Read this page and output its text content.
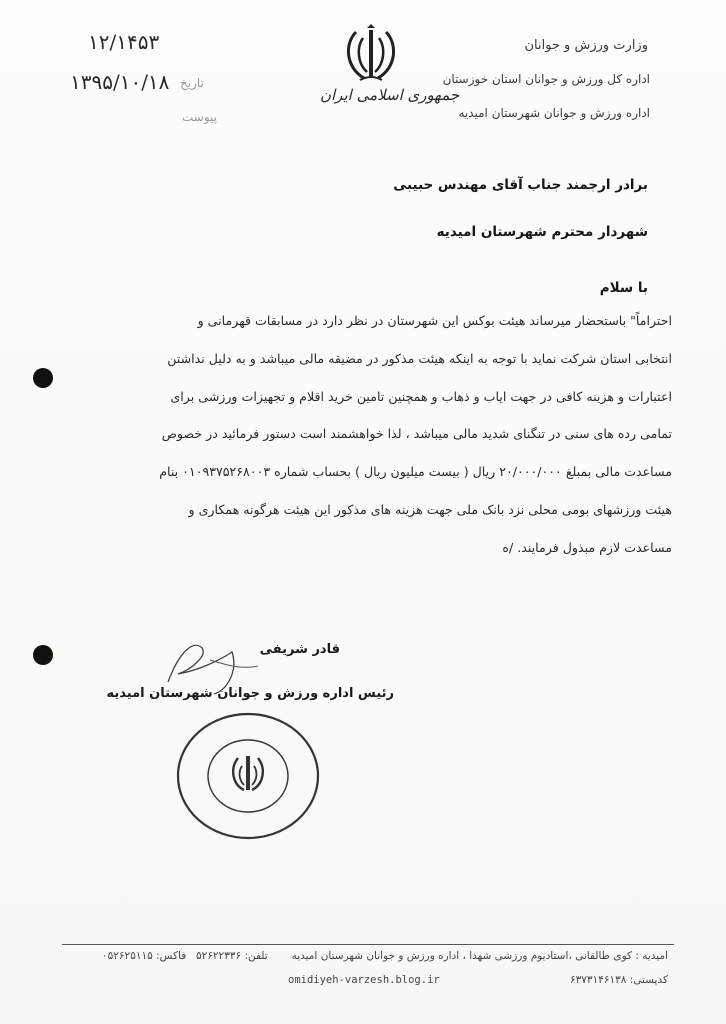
وزارت ورزش و جوانان
اداره کل ورزش و جوانان استان خوزستان
اداره ورزش و جوانان شهرستان امیدیه
جمهوری اسلامی ایران
۱۲/۱۴۵۳
۱۳۹۵/۱۰/۱۸ تاریخ
پیوست
برادر ارجمند جناب آقای مهندس حبیبی
شهردار محترم شهرستان امیدیه
با سلام

احتراماً" باستحضار میرساند هیئت بوکس این شهرستان در نظر دارد در مسابقات قهرمانی و

انتخابی استان شرکت نماید با توجه به اینکه هیئت مذکور در مضیقه مالی میباشد و به دلیل نداشتن

اعتبارات و هزینه کافی در جهت ایاب و ذهاب و همچنین تامین خرید اقلام و تجهیزات ورزشی برای

تمامی رده های سنی در تنگنای شدید مالی میباشد ، لذا خواهشمند است دستور فرمائید در خصوص

مساعدت مالی بمبلغ ۲۰/۰۰۰/۰۰۰ ریال ( بیست میلیون ریال ) بحساب شماره ۰۱۰۹۳۷۵۲۶۸۰۰۳ بنام

هیئت ورزشهای بومی محلی نزد بانک ملی جهت هزینه های مذکور این هیئت هرگونه همکاری و

مساعدت لازم مبذول فرمایند. /ه

قادر شریفی
رئیس اداره ورزش و جوانان شهرستان امیدیه
امیدیه : کوی طالقانی ،استادیوم ورزشی شهدا ، اداره ورزش و جوانان شهرستان امیدیه
تلفن: ۵۲۶۲۲۳۳۶
فاکس: ۰۵۲۶۲۵۱۱۵
کدپستی: ۶۳۷۳۱۴۶۱۳۸
omidiyeh-varzesh.blog.ir
